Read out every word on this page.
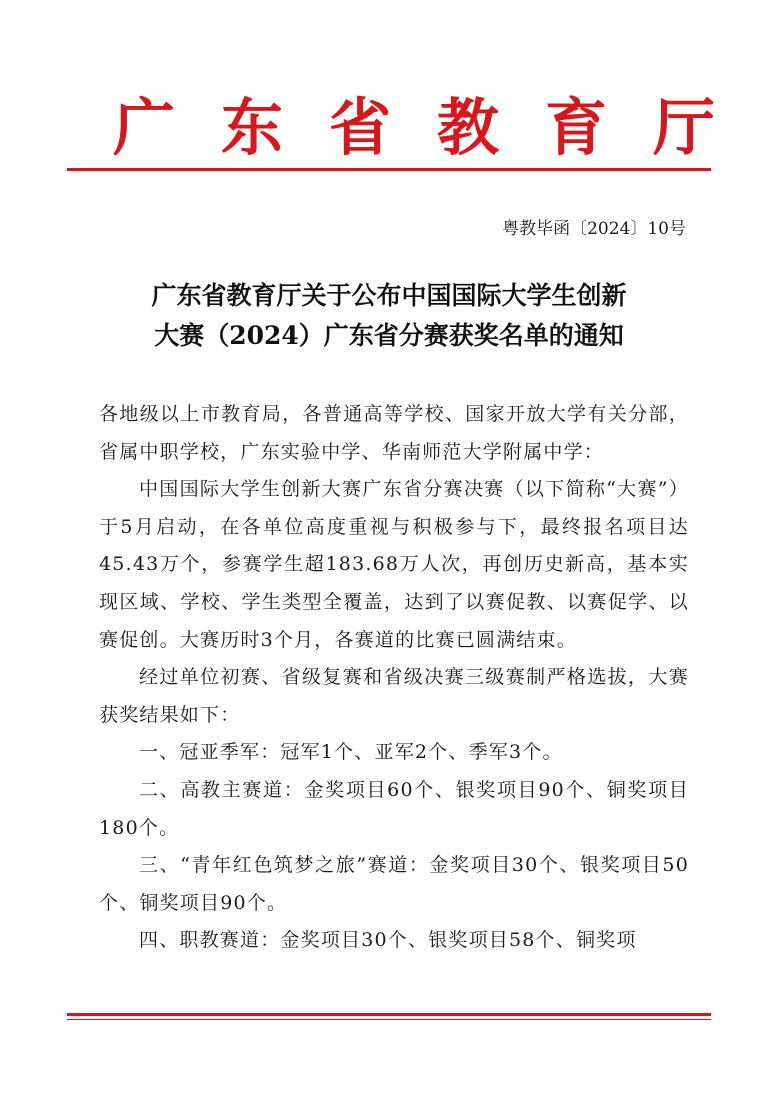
广东省教育厅
粤教毕函〔2024〕10号
广东省教育厅关于公布中国国际大学生创新
大赛（2024）广东省分赛获奖名单的通知

各地级以上市教育局，各普通高等学校、国家开放大学有关分部，省属中职学校，广东实验中学、华南师范大学附属中学：

中国国际大学生创新大赛广东省分赛决赛（以下简称“大赛”）于5月启动，在各单位高度重视与积极参与下，最终报名项目达45.43万个，参赛学生超183.68万人次，再创历史新高，基本实现区域、学校、学生类型全覆盖，达到了以赛促教、以赛促学、以赛促创。大赛历时3个月，各赛道的比赛已圆满结束。

经过单位初赛、省级复赛和省级决赛三级赛制严格选拔，大赛获奖结果如下：

一、冠亚季军：冠军1个、亚军2个、季军3个。

二、高教主赛道：金奖项目60个、银奖项目90个、铜奖项目180个。

三、“青年红色筑梦之旅”赛道：金奖项目30个、银奖项目50个、铜奖项目90个。

四、职教赛道：金奖项目30个、银奖项目58个、铜奖项
